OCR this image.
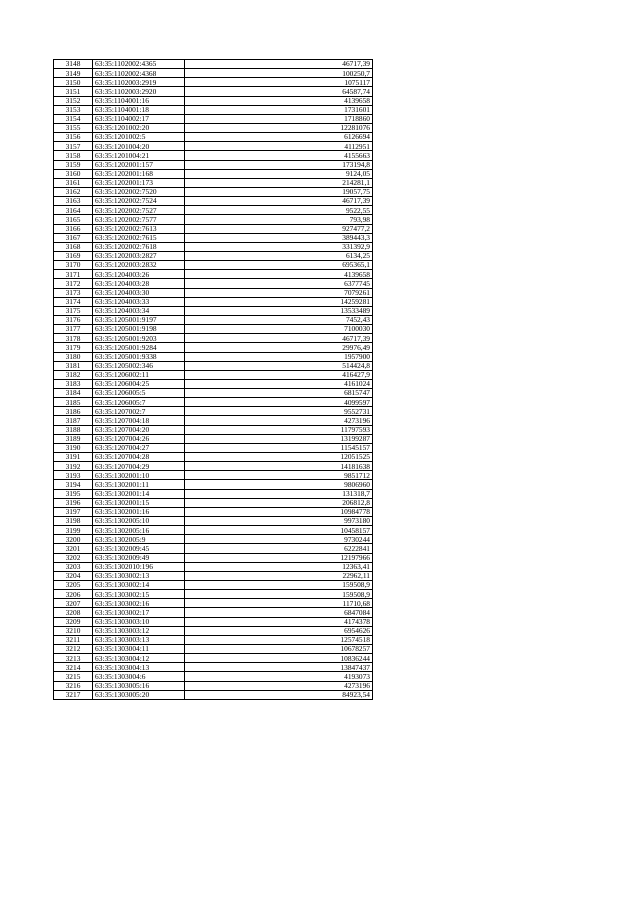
3148	63:35:1102002:4365	46717,39
3149	63:35:1102002:4368	100250,7
3150	63:35:1102003:2919	1075117
3151	63:35:1102003:2920	64587,74
3152	63:35:1104001:16	4139658
3153	63:35:1104001:18	1731601
3154	63:35:1104002:17	1718860
3155	63:35:1201002:20	12281076
3156	63:35:1201002:5	6126694
3157	63:35:1201004:20	4112951
3158	63:35:1201004:21	4155663
3159	63:35:1202001:157	173194,8
3160	63:35:1202001:168	9124,05
3161	63:35:1202001:173	214281,1
3162	63:35:1202002:7520	19057,75
3163	63:35:1202002:7524	46717,39
3164	63:35:1202002:7527	9522,55
3165	63:35:1202002:7577	793,98
3166	63:35:1202002:7613	927477,2
3167	63:35:1202002:7615	389443,3
3168	63:35:1202002:7618	331392,9
3169	63:35:1202003:2827	6134,25
3170	63:35:1202003:2832	695365,1
3171	63:35:1204003:26	4139658
3172	63:35:1204003:28	6377745
3173	63:35:1204003:30	7079261
3174	63:35:1204003:33	14259281
3175	63:35:1204003:34	13533489
3176	63:35:1205001:9197	7452,43
3177	63:35:1205001:9198	7100030
3178	63:35:1205001:9203	46717,39
3179	63:35:1205001:9284	29976,49
3180	63:35:1205001:9338	1957900
3181	63:35:1205002:346	514424,8
3182	63:35:1206002:11	416427,9
3183	63:35:1206004:25	4161024
3184	63:35:1206005:5	6815747
3185	63:35:1206005:7	4099597
3186	63:35:1207002:7	9552731
3187	63:35:1207004:18	4273196
3188	63:35:1207004:20	11797593
3189	63:35:1207004:26	13199287
3190	63:35:1207004:27	11545157
3191	63:35:1207004:28	12051525
3192	63:35:1207004:29	14181638
3193	63:35:1302001:10	9851712
3194	63:35:1302001:11	9806960
3195	63:35:1302001:14	131318,7
3196	63:35:1302001:15	206812,8
3197	63:35:1302001:16	10984778
3198	63:35:1302005:10	9973180
3199	63:35:1302005:16	10458157
3200	63:35:1302005:9	9730244
3201	63:35:1302009:45	6222841
3202	63:35:1302009:49	12197966
3203	63:35:1302010:196	12363,41
3204	63:35:1303002:13	22962,11
3205	63:35:1303002:14	159508,9
3206	63:35:1303002:15	159508,9
3207	63:35:1303002:16	11710,68
3208	63:35:1303002:17	6847084
3209	63:35:1303003:10	4174378
3210	63:35:1303003:12	6954626
3211	63:35:1303003:13	12574518
3212	63:35:1303004:11	10678257
3213	63:35:1303004:12	10836244
3214	63:35:1303004:13	13847437
3215	63:35:1303004:6	4193073
3216	63:35:1303005:16	4273196
3217	63:35:1303005:20	84923,54
